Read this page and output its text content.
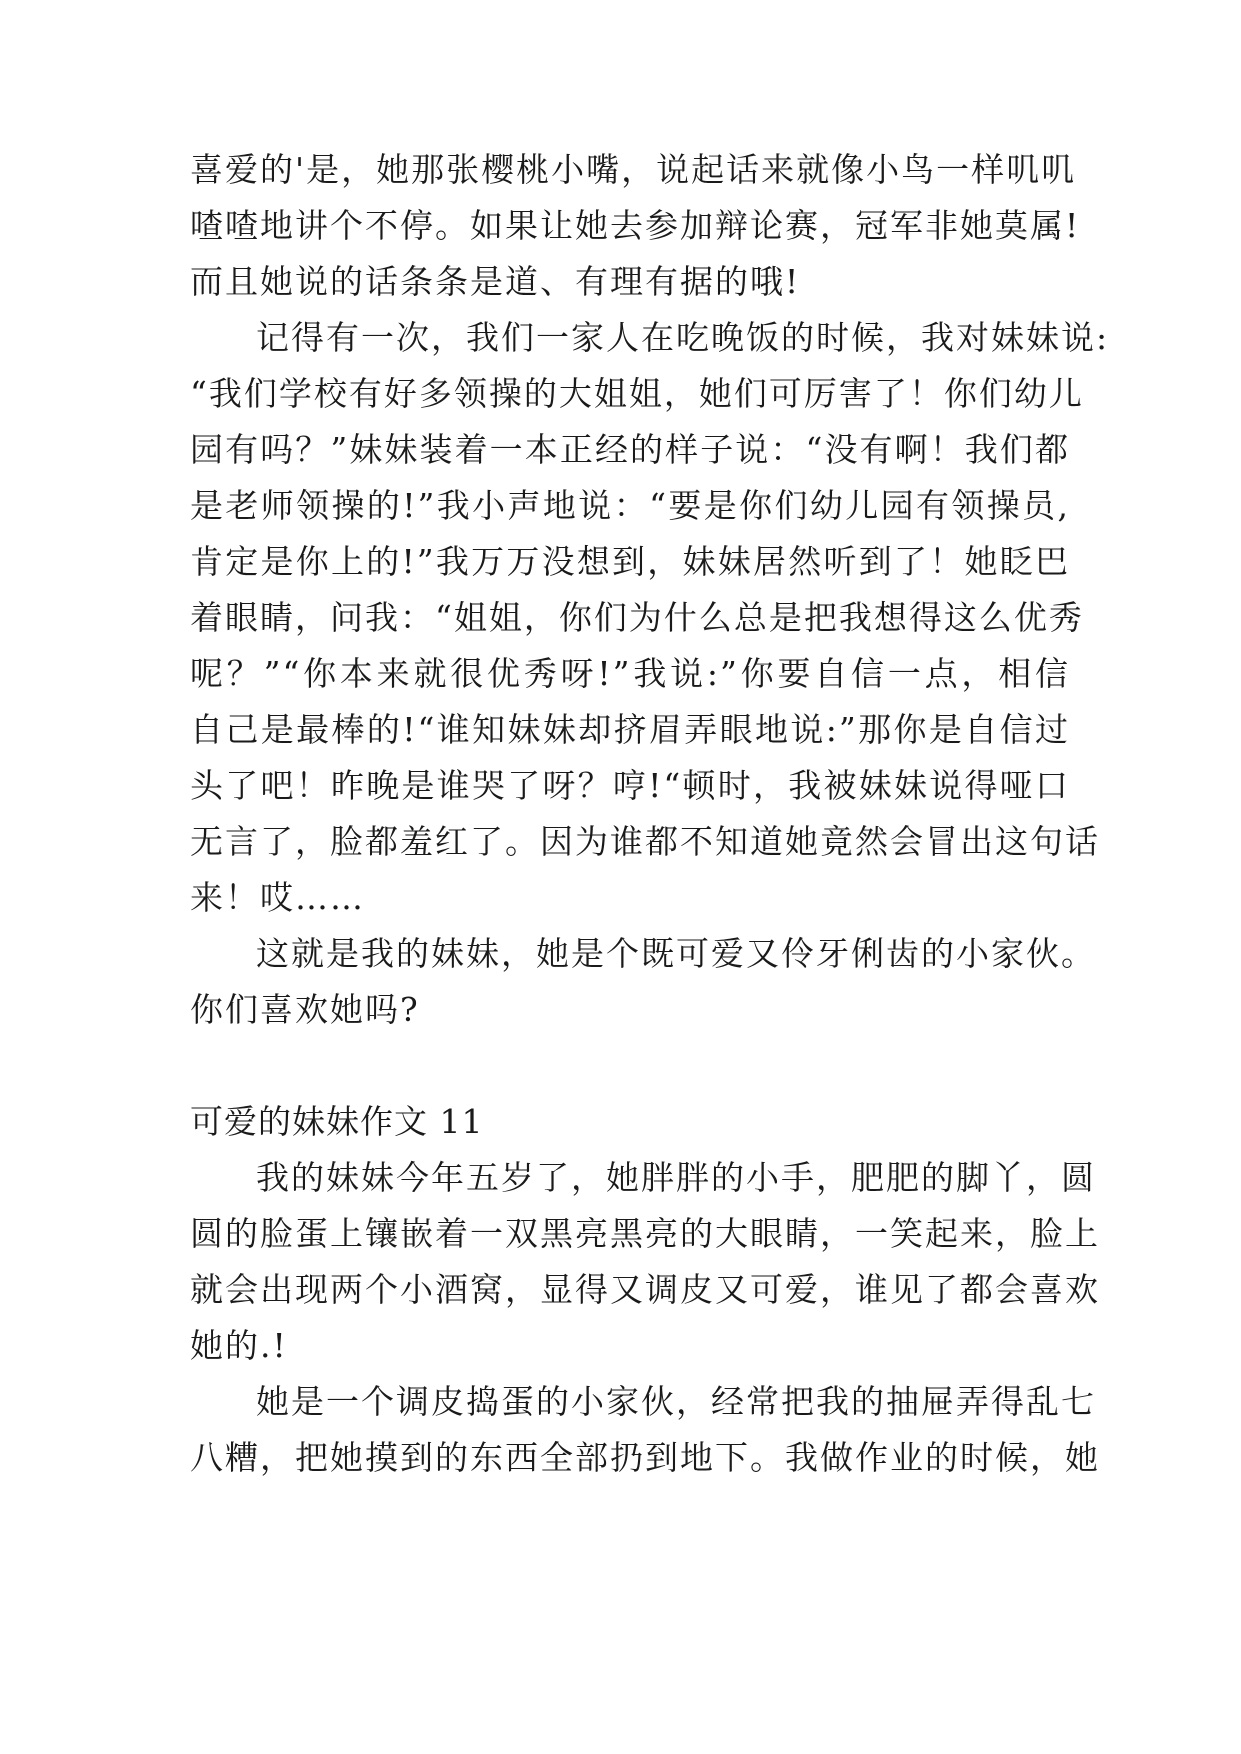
喜爱的'是，她那张樱桃小嘴，说起话来就像小鸟一样叽叽
喳喳地讲个不停。如果让她去参加辩论赛，冠军非她莫属!
而且她说的话条条是道、有理有据的哦!
记得有一次，我们一家人在吃晚饭的时候，我对妹妹说:
“我们学校有好多领操的大姐姐，她们可厉害了！你们幼儿
园有吗？”妹妹装着一本正经的样子说：“没有啊！我们都
是老师领操的!”我小声地说：“要是你们幼儿园有领操员,
肯定是你上的!”我万万没想到，妹妹居然听到了！她眨巴
着眼睛，问我：“姐姐，你们为什么总是把我想得这么优秀
呢？”“你本来就很优秀呀!”我说:”你要自信一点，相信
自己是最棒的!“谁知妹妹却挤眉弄眼地说:”那你是自信过
头了吧！昨晚是谁哭了呀？哼!“顿时，我被妹妹说得哑口
无言了，脸都羞红了。因为谁都不知道她竟然会冒出这句话
来！哎……
这就是我的妹妹，她是个既可爱又伶牙俐齿的小家伙。
你们喜欢她吗?
可爱的妹妹作文 11
我的妹妹今年五岁了，她胖胖的小手，肥肥的脚丫，圆
圆的脸蛋上镶嵌着一双黑亮黑亮的大眼睛，一笑起来，脸上
就会出现两个小酒窝，显得又调皮又可爱，谁见了都会喜欢
她的.!
她是一个调皮捣蛋的小家伙，经常把我的抽屉弄得乱七
八糟，把她摸到的东西全部扔到地下。我做作业的时候，她
